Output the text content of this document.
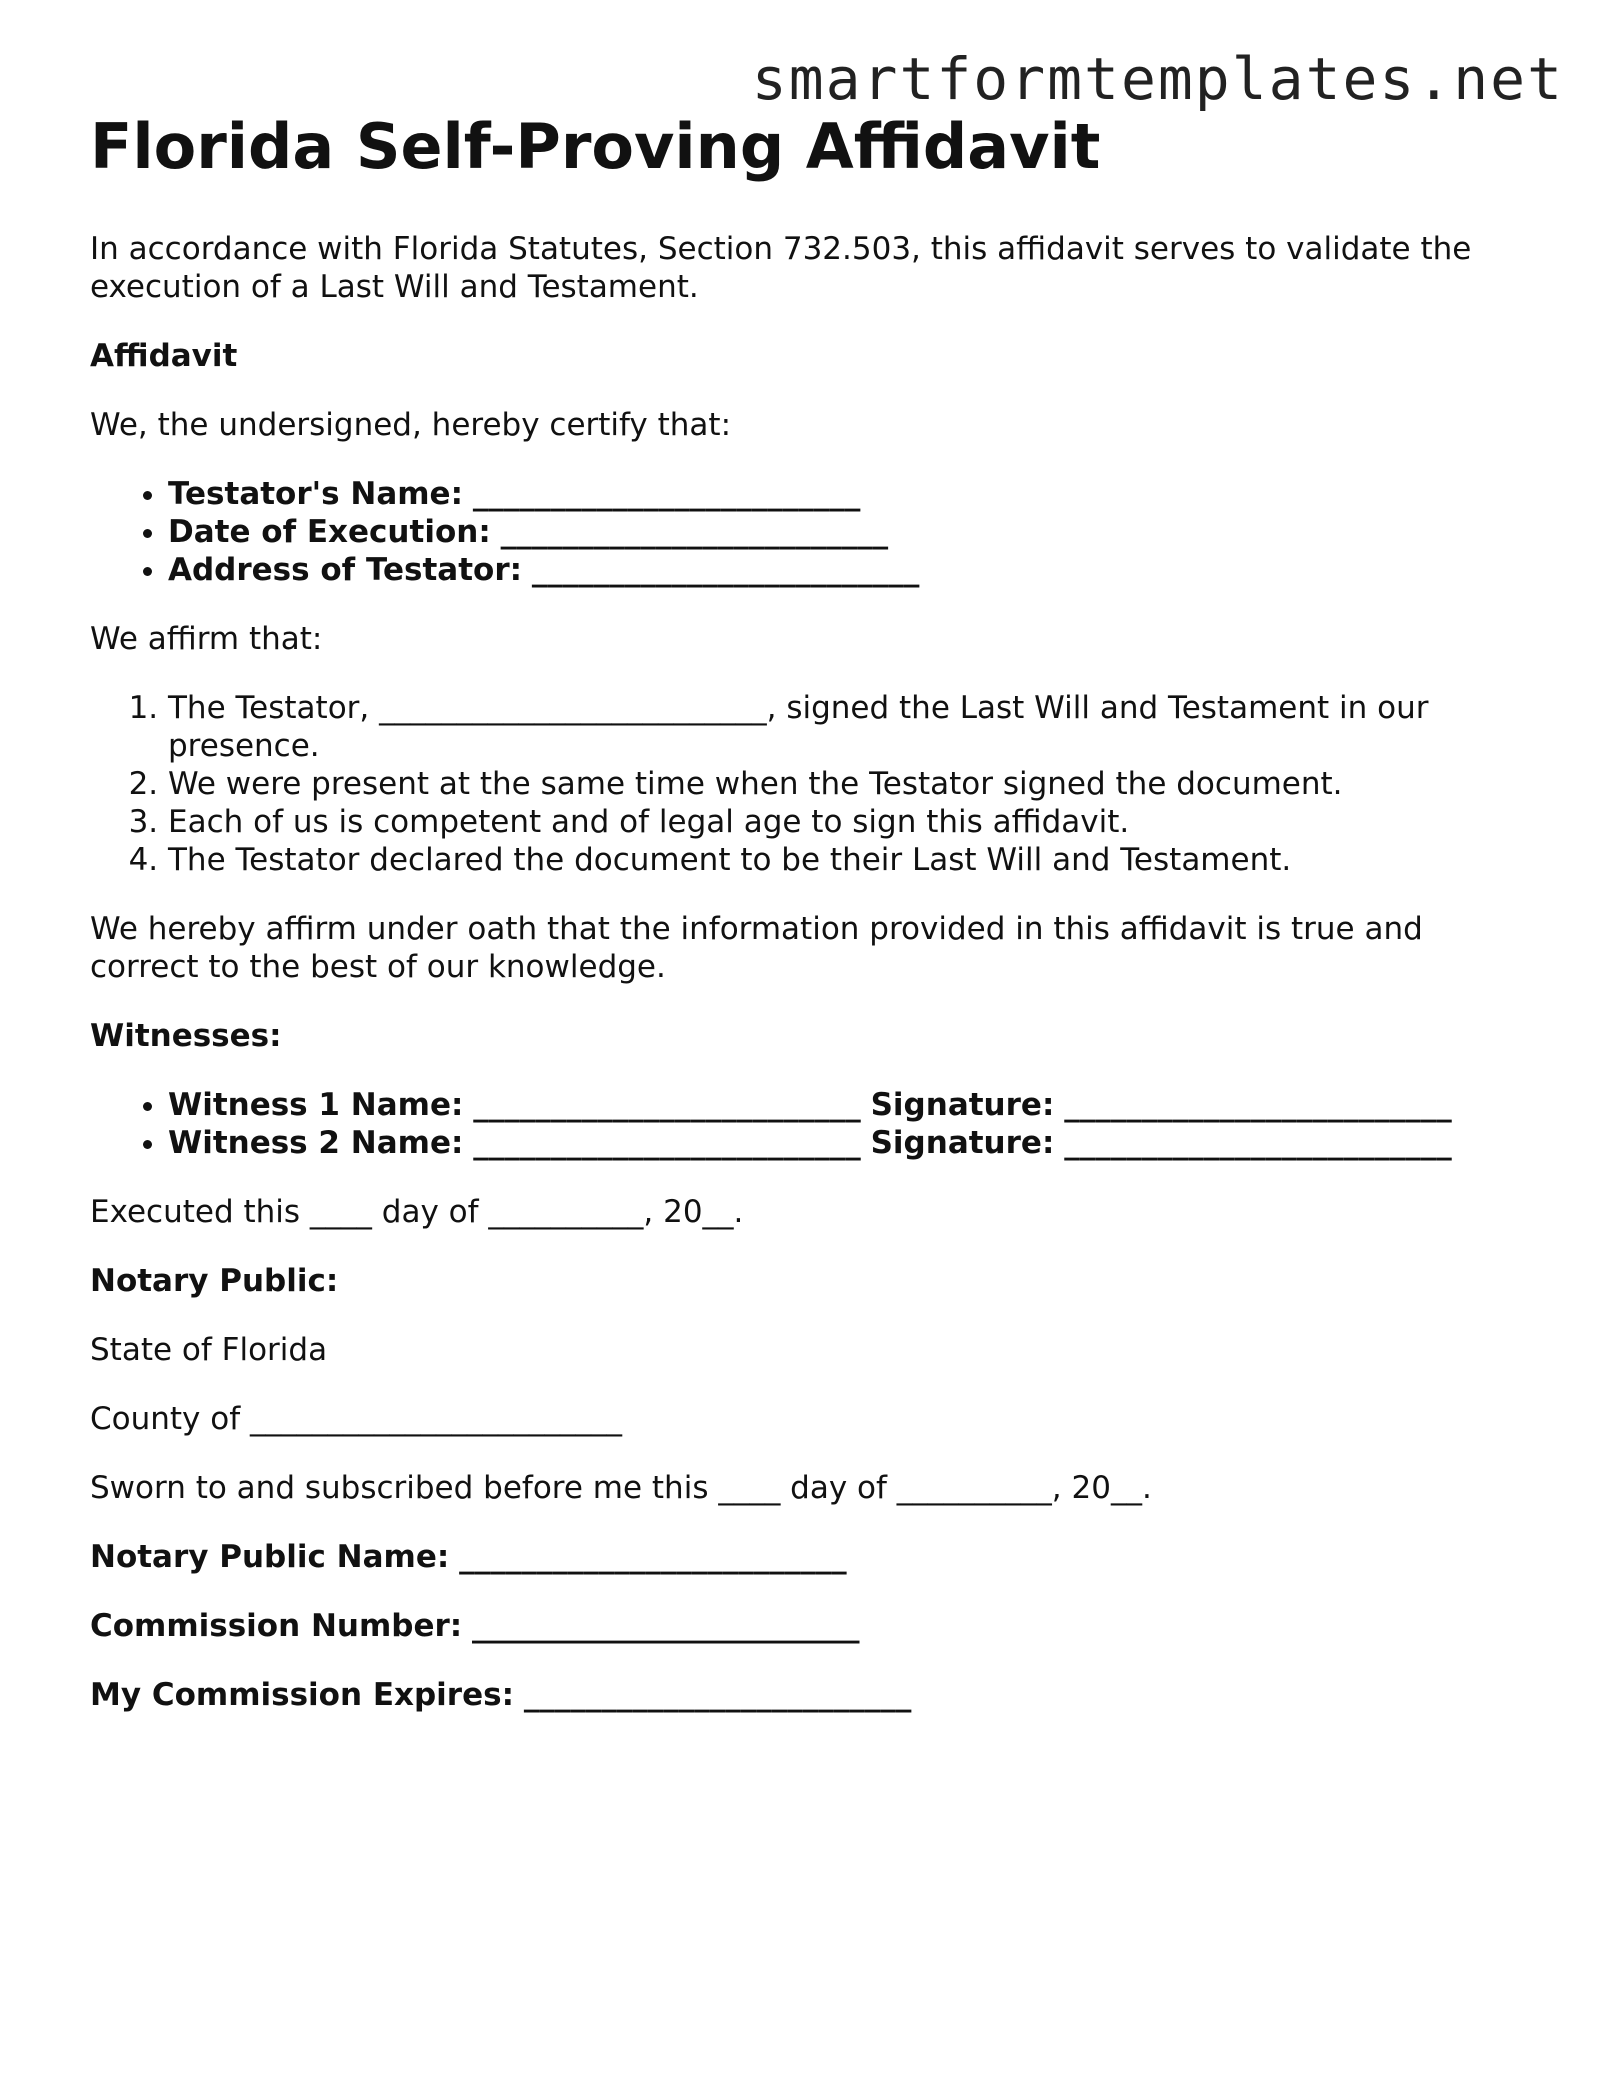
smartformtemplates.net
Florida Self-Proving Affidavit

In accordance with Florida Statutes, Section 732.503, this affidavit serves to validate the execution of a Last Will and Testament.

Affidavit

We, the undersigned, hereby certify that:

• Testator's Name: _________________________
• Date of Execution: _________________________
• Address of Testator: _________________________

We affirm that:

1. The Testator, _________________________, signed the Last Will and Testament in our presence.
2. We were present at the same time when the Testator signed the document.
3. Each of us is competent and of legal age to sign this affidavit.
4. The Testator declared the document to be their Last Will and Testament.

We hereby affirm under oath that the information provided in this affidavit is true and correct to the best of our knowledge.

Witnesses:

• Witness 1 Name: _________________________ Signature: _________________________
• Witness 2 Name: _________________________ Signature: _________________________

Executed this ____ day of __________, 20__.

Notary Public:

State of Florida

County of ________________________

Sworn to and subscribed before me this ____ day of __________, 20__.

Notary Public Name: _________________________

Commission Number: _________________________

My Commission Expires: _________________________
